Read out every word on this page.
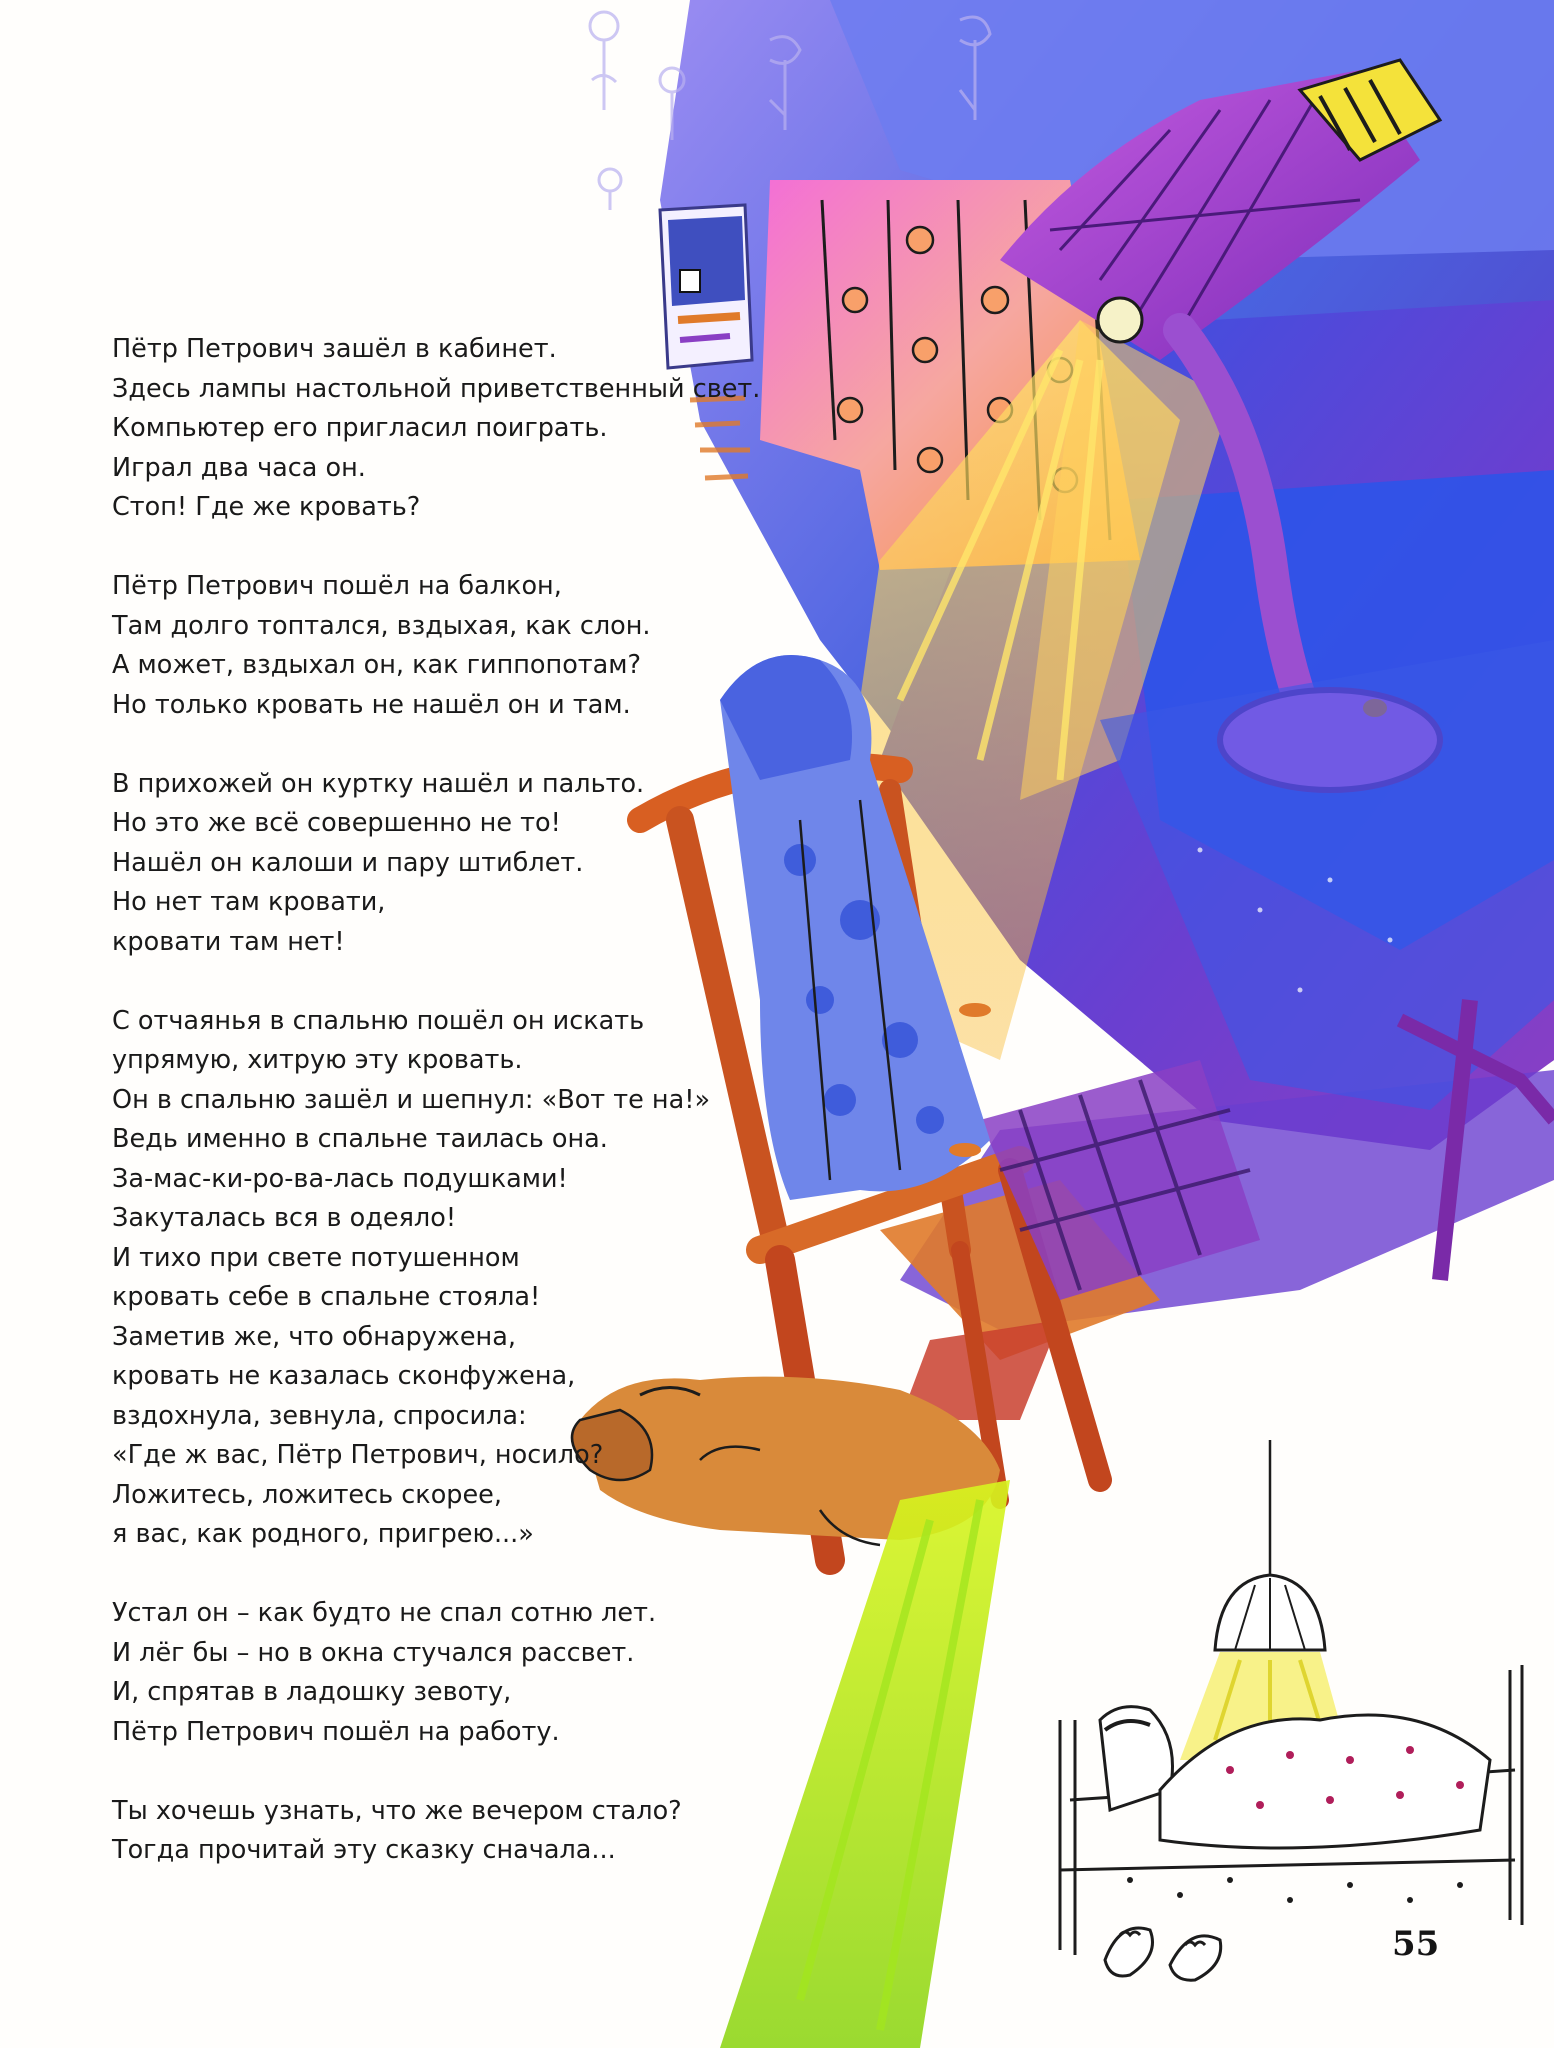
Пётр Петрович зашёл в кабинет.
Здесь лампы настольной приветственный свет.
Компьютер его пригласил поиграть.
Играл два часа он.
Стоп! Где же кровать?
Пётр Петрович пошёл на балкон,
Там долго топтался, вздыхая, как слон.
А может, вздыхал он, как гиппопотам?
Но только кровать не нашёл он и там.
В прихожей он куртку нашёл и пальто.
Но это же всё совершенно не то!
Нашёл он калоши и пару штиблет.
Но нет там кровати,
кровати там нет!
С отчаянья в спальню пошёл он искать
упрямую, хитрую эту кровать.
Он в спальню зашёл и шепнул: «Вот те на!»
Ведь именно в спальне таилась она.
За-мас-ки-ро-ва-лась подушками!
Закуталась вся в одеяло!
И тихо при свете потушенном
кровать себе в спальне стояла!
Заметив же, что обнаружена,
кровать не казалась сконфужена,
вздохнула, зевнула, спросила:
«Где ж вас, Пётр Петрович, носило?
Ложитесь, ложитесь скорее,
я вас, как родного, пригрею...»
Устал он – как будто не спал сотню лет.
И лёг бы – но в окна стучался рассвет.
И, спрятав в ладошку зевоту,
Пётр Петрович пошёл на работу.
Ты хочешь узнать, что же вечером стало?
Тогда прочитай эту сказку сначала...
55
